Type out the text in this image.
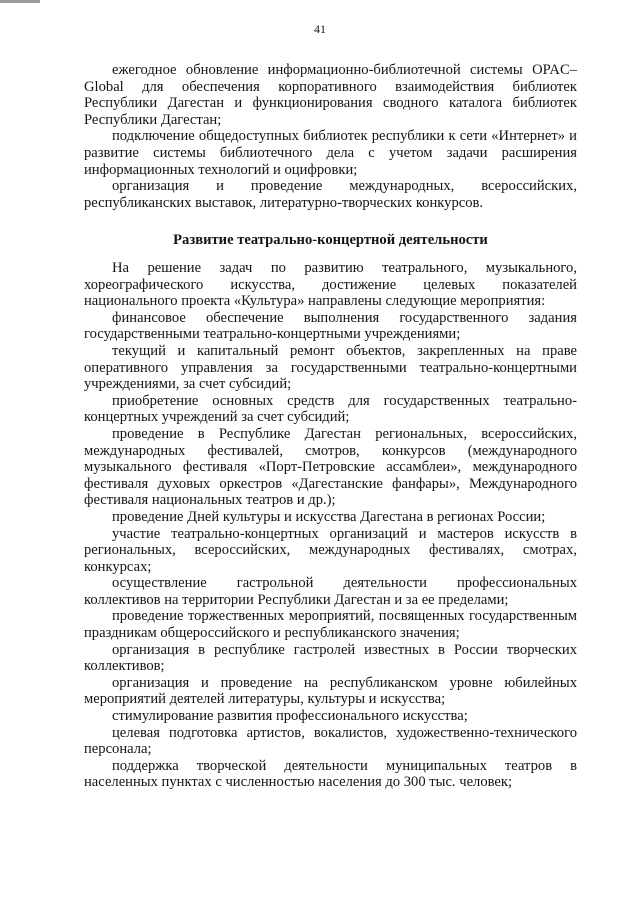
41

ежегодное обновление информационно-библиотечной системы OPAC–Global для обеспечения корпоративного взаимодействия библиотек Республики Дагестан и функционирования сводного каталога библиотек Республики Дагестан;

подключение общедоступных библиотек республики к сети «Интернет» и развитие системы библиотечного дела с учетом задачи расширения информационных технологий и оцифровки;

организация и проведение международных, всероссийских, республиканских выставок, литературно-творческих конкурсов.

Развитие театрально-концертной деятельности

На решение задач по развитию театрального, музыкального, хореографического искусства, достижение целевых показателей национального проекта «Культура» направлены следующие мероприятия:

финансовое обеспечение выполнения государственного задания государственными театрально-концертными учреждениями;

текущий и капитальный ремонт объектов, закрепленных на праве оперативного управления за государственными театрально-концертными учреждениями, за счет субсидий;

приобретение основных средств для государственных театрально-концертных учреждений за счет субсидий;

проведение в Республике Дагестан региональных, всероссийских, международных фестивалей, смотров, конкурсов (международного музыкального фестиваля «Порт-Петровские ассамблеи», международного фестиваля духовых оркестров «Дагестанские фанфары», Международного фестиваля национальных театров и др.);

проведение Дней культуры и искусства Дагестана в регионах России;

участие театрально-концертных организаций и мастеров искусств в региональных, всероссийских, международных фестивалях, смотрах, конкурсах;

осуществление гастрольной деятельности профессиональных коллективов на территории Республики Дагестан и за ее пределами;

проведение торжественных мероприятий, посвященных государственным праздникам общероссийского и республиканского значения;

организация в республике гастролей известных в России творческих коллективов;

организация и проведение на республиканском уровне юбилейных мероприятий деятелей литературы, культуры и искусства;

стимулирование развития профессионального искусства;

целевая подготовка артистов, вокалистов, художественно-технического персонала;

поддержка творческой деятельности муниципальных театров в населенных пунктах с численностью населения до 300 тыс. человек;
